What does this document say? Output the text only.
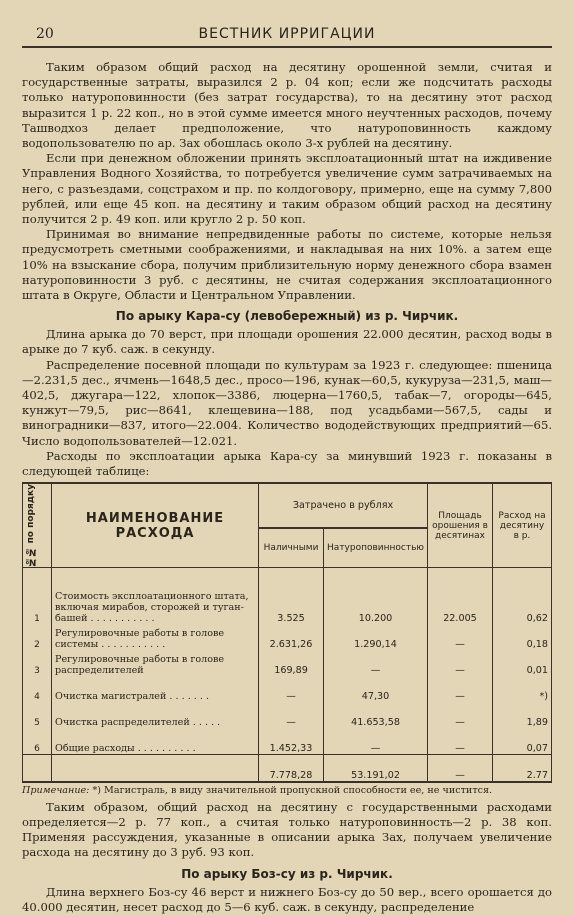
20	ВЕСТНИК ИРРИГАЦИИ

Таким образом общий расход на десятину орошенной земли, считая и государственные затраты, выразился 2 р. 04 коп; если же подсчитать расходы только натуроповинности (без затрат государства), то на десятину этот расход выразится 1 р. 22 коп., но в этой сумме имеется много неучтенных расходов, почему Ташводхоз делает предположение, что натуроповинность каждому водопользователю по ар. Зах обошлась около 3-х рублей на десятину.

Если при денежном обложении принять эксплоатационный штат на иждивение Управления Водного Хозяйства, то потребуется увеличение сумм затрачиваемых на него, с разъездами, соцстрахом и пр. по колдоговору, примерно, еще на сумму 7,800 рублей, или еще 45 коп. на десятину и таким образом общий расход на десятину получится 2 р. 49 коп. или кругло 2 р. 50 коп.

Принимая во внимание непредвиденные работы по системе, которые нельзя предусмотреть сметными соображениями, и накладывая на них 10%. а затем еще 10% на взыскание сбора, получим приблизительную норму денежного сбора взамен натуроповинности 3 руб. с десятины, не считая содержания эксплоатационного штата в Округе, Области и Центральном Управлении.

По арыку Кара-су (левобережный) из р. Чирчик.

Длина арыка до 70 верст, при площади орошения 22.000 десятин, расход воды в арыке до 7 куб. саж. в секунду.

Распределение посевной площади по культурам за 1923 г. следующее: пшеница—2.231,5 дес., ячмень—1648,5 дес., просо—196, кунак—60,5, кукуруза—231,5, маш—402,5, джугара—122, хлопок—3386, люцерна—1760,5, табак—7, огороды—645, кунжут—79,5, рис—8641, клещевина—188, под усадьбами—567,5, сады и виноградники—837, итого—22.004. Количество вододействующих предприятий—65. Число водопользователей—12.021.

Расходы по эксплоатации арыка Кара-су за минувший 1923 г. показаны в следующей таблице:

№№ по порядку	НАИМЕНОВАНИЕ
РАСХОДА	Затрачено в рублях		Площадь орошения в десятинах	Расход на десятину в р.
		Наличными	Натуроповинностью		
1	Стоимость эксплоатационного штата, включая мирабов, сторожей и туган-башей . . . . . . . . . . .	3.525	10.200	22.005	0,62
2	Регулировочные работы в голове системы . . . . . . . . . . .	2.631,26	1.290,14	—	0,18
3	Регулировочные работы в голове распределителей	169,89	—	—	0,01
4	Очистка магистралей . . . . . . .	—	47,30	—	*)
5	Очистка распределителей . . . . .	—	41.653,58	—	1,89
6	Общие расходы . . . . . . . . . .	1.452,33	—	—	0,07
		7.778,28	53.191,02	—	2.77
Примечание: *) Магистраль, в виду значительной пропускной способности ее, не чистится.

Таким образом, общий расход на десятину с государственными расходами определяется—2 р. 77 коп., а считая только натуроповинность—2 р. 38 коп. Применяя рассуждения, указанные в описании арыка Зах, получаем увеличение расхода на десятину до 3 руб. 93 коп.

По арыку Боз-су из р. Чирчик.

Длина верхнего Боз-су 46 верст и нижнего Боз-су до 50 вер., всего орошается до 40.000 десятин, несет расход до 5—6 куб. саж. в секунду, распределение
